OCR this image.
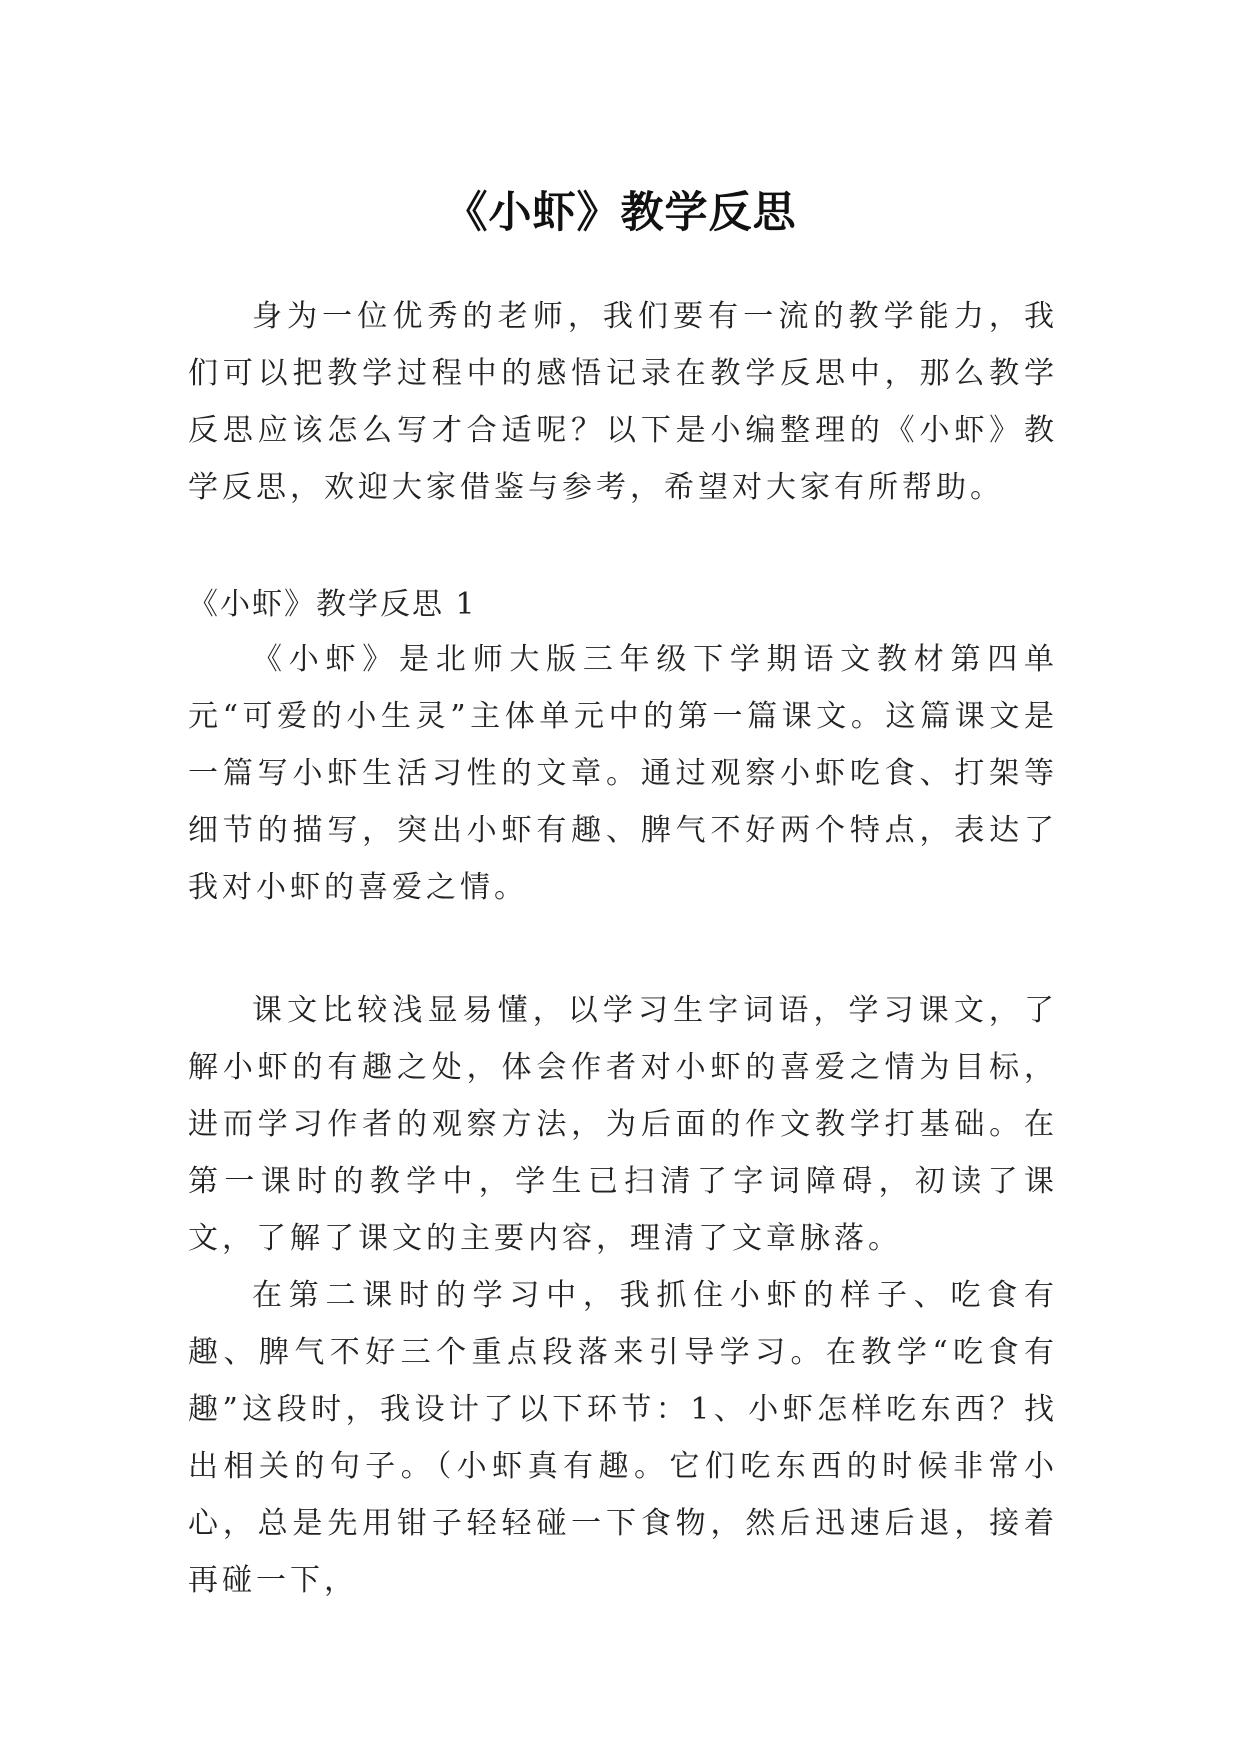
《小虾》教学反思

身为一位优秀的老师，我们要有一流的教学能力，我们可以把教学过程中的感悟记录在教学反思中，那么教学反思应该怎么写才合适呢？以下是小编整理的《小虾》教学反思，欢迎大家借鉴与参考，希望对大家有所帮助。

《小虾》教学反思 1

《小虾》是北师大版三年级下学期语文教材第四单元“可爱的小生灵”主体单元中的第一篇课文。这篇课文是一篇写小虾生活习性的文章。通过观察小虾吃食、打架等细节的描写，突出小虾有趣、脾气不好两个特点，表达了我对小虾的喜爱之情。

课文比较浅显易懂，以学习生字词语，学习课文，了解小虾的有趣之处，体会作者对小虾的喜爱之情为目标，进而学习作者的观察方法，为后面的作文教学打基础。在第一课时的教学中，学生已扫清了字词障碍，初读了课文，了解了课文的主要内容，理清了文章脉落。

在第二课时的学习中，我抓住小虾的样子、吃食有趣、脾气不好三个重点段落来引导学习。在教学“吃食有趣”这段时，我设计了以下环节：1、小虾怎样吃东西？找出相关的句子。（小虾真有趣。它们吃东西的时候非常小心，总是先用钳子轻轻碰一下食物，然后迅速后退，接着再碰一下，
